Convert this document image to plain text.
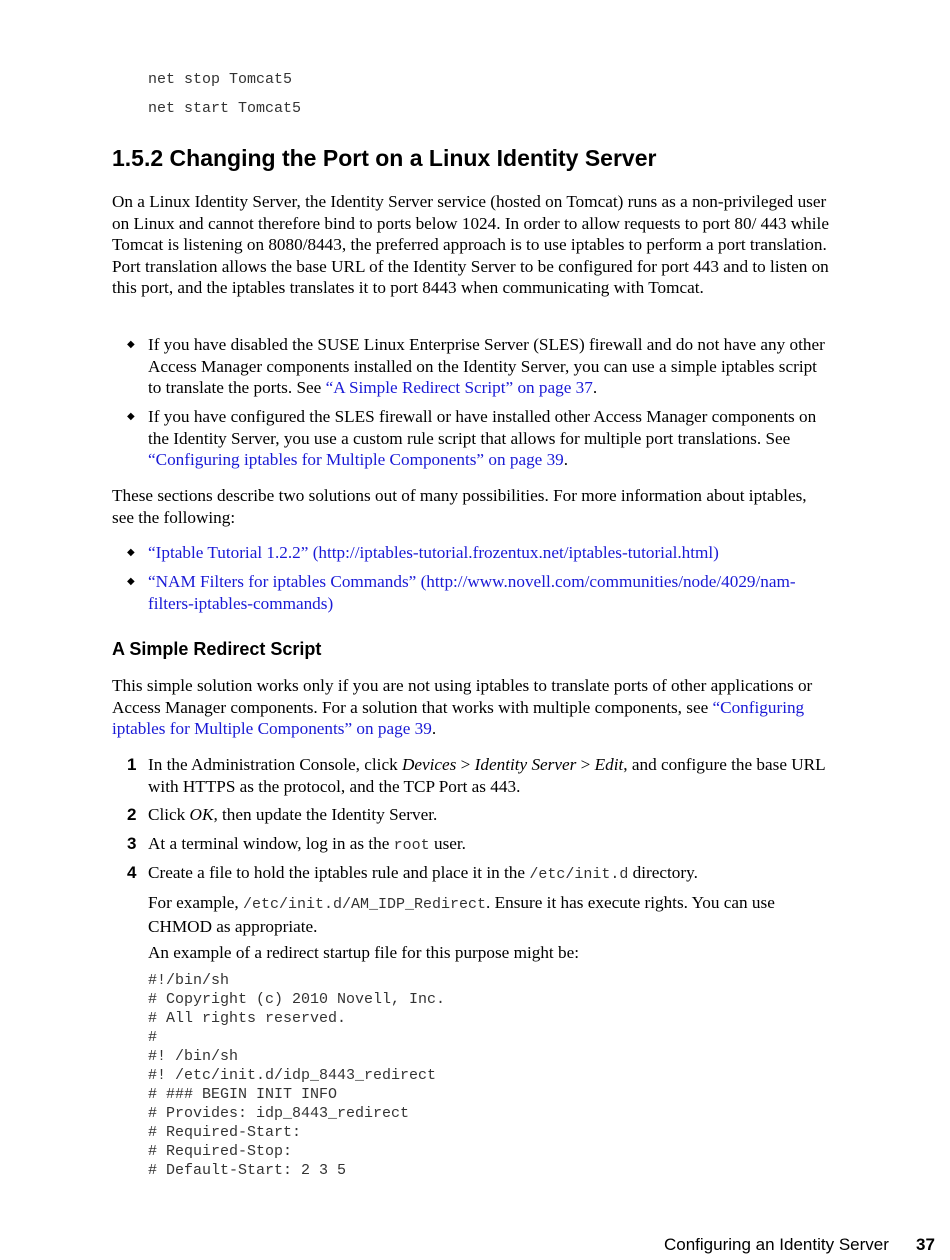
net stop Tomcat5
net start Tomcat5
1.5.2 Changing the Port on a Linux Identity Server
On a Linux Identity Server, the Identity Server service (hosted on Tomcat) runs as a non-privileged user on Linux and cannot therefore bind to ports below 1024. In order to allow requests to port 80/ 443 while Tomcat is listening on 8080/8443, the preferred approach is to use iptables to perform a port translation. Port translation allows the base URL of the Identity Server to be configured for port 443 and to listen on this port, and the iptables translates it to port 8443 when communicating with Tomcat.
◆ If you have disabled the SUSE Linux Enterprise Server (SLES) firewall and do not have any other Access Manager components installed on the Identity Server, you can use a simple iptables script to translate the ports. See “A Simple Redirect Script” on page 37.
◆ If you have configured the SLES firewall or have installed other Access Manager components on the Identity Server, you use a custom rule script that allows for multiple port translations. See “Configuring iptables for Multiple Components” on page 39.
These sections describe two solutions out of many possibilities. For more information about iptables, see the following:
◆ “Iptable Tutorial 1.2.2” (http://iptables-tutorial.frozentux.net/iptables-tutorial.html)
◆ “NAM Filters for iptables Commands” (http://www.novell.com/communities/node/4029/nam-filters-iptables-commands)
A Simple Redirect Script
This simple solution works only if you are not using iptables to translate ports of other applications or Access Manager components. For a solution that works with multiple components, see “Configuring iptables for Multiple Components” on page 39.
1 In the Administration Console, click Devices > Identity Server > Edit, and configure the base URL with HTTPS as the protocol, and the TCP Port as 443.
2 Click OK, then update the Identity Server.
3 At a terminal window, log in as the root user.
4 Create a file to hold the iptables rule and place it in the /etc/init.d directory.
For example, /etc/init.d/AM_IDP_Redirect. Ensure it has execute rights. You can use CHMOD as appropriate.
An example of a redirect startup file for this purpose might be:
#!/bin/sh
# Copyright (c) 2010 Novell, Inc.
# All rights reserved.
#
#! /bin/sh
#! /etc/init.d/idp_8443_redirect
# ### BEGIN INIT INFO
# Provides: idp_8443_redirect
# Required-Start:
# Required-Stop:
# Default-Start: 2 3 5
Configuring an Identity Server 37
